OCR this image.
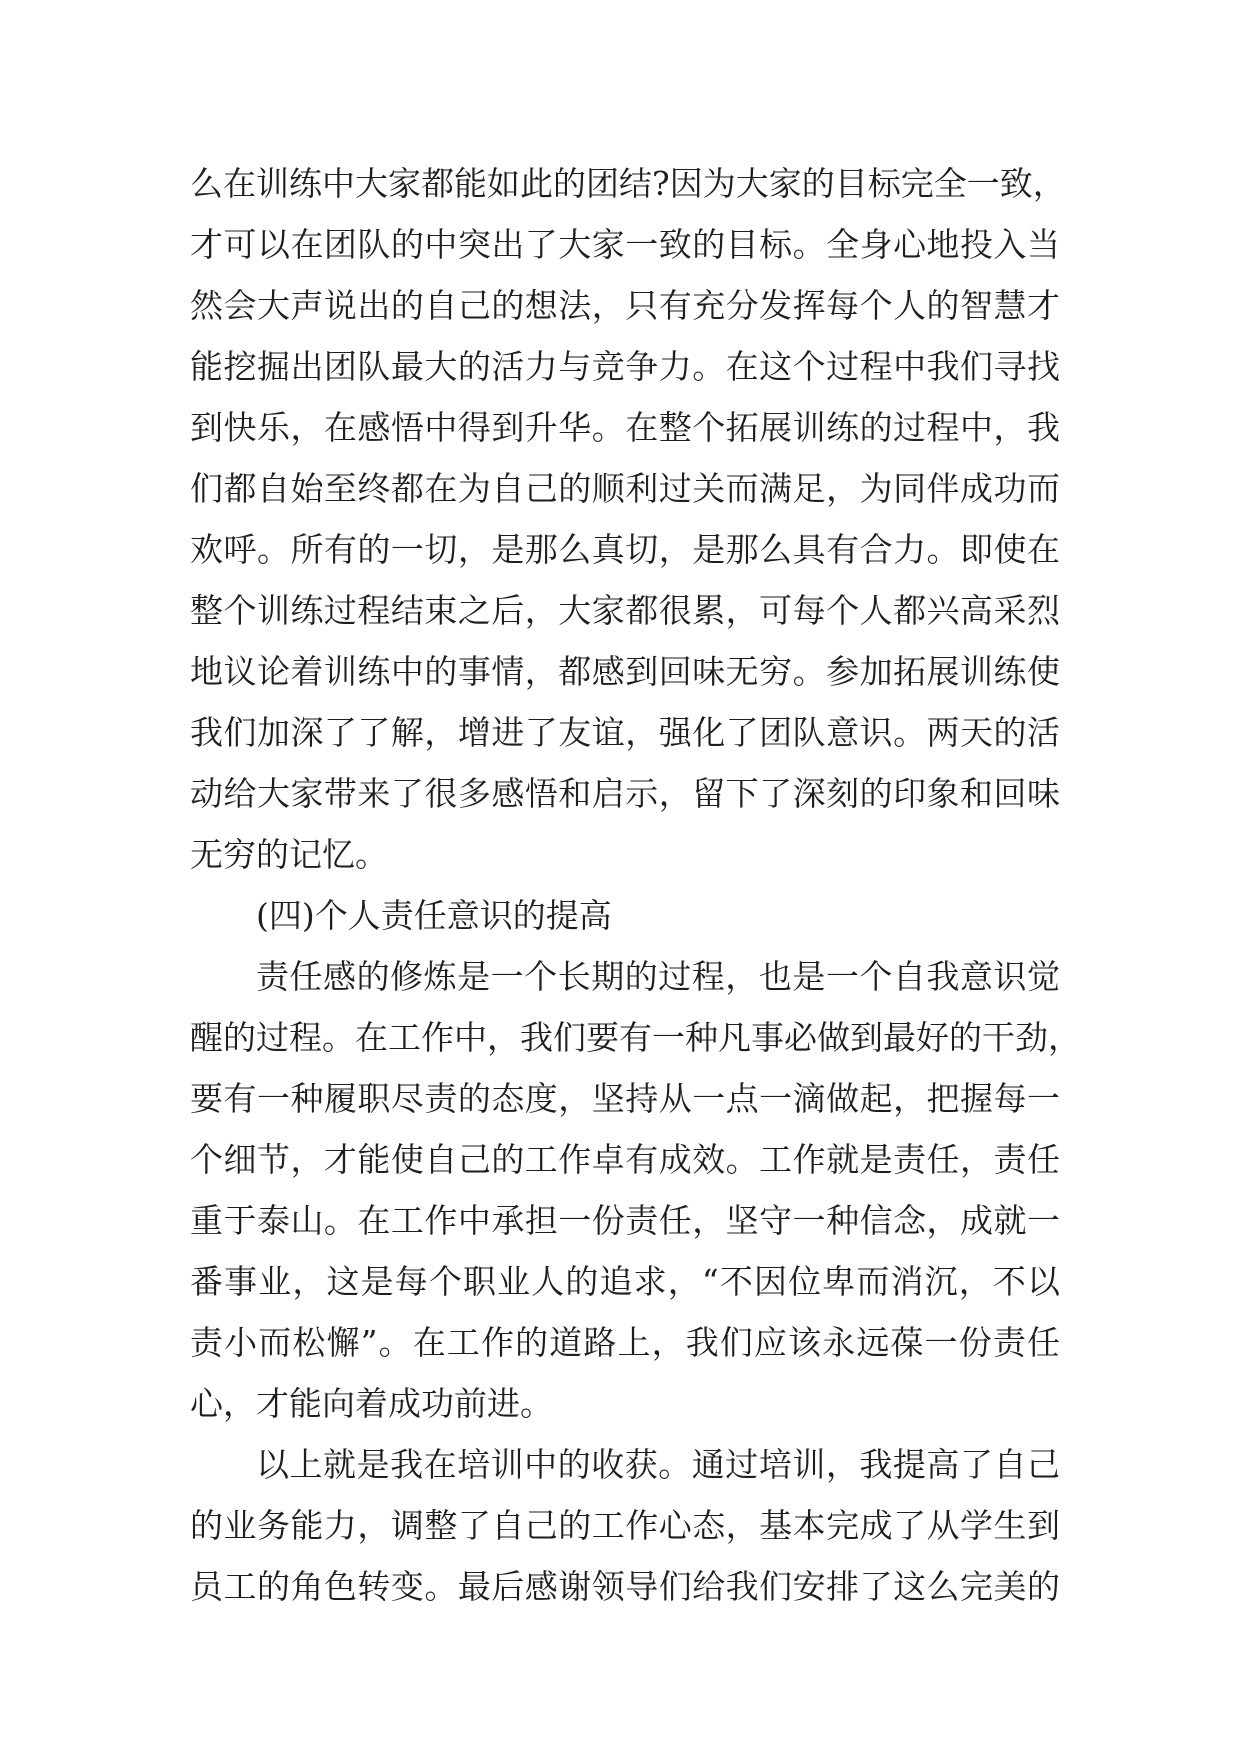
么在训练中大家都能如此的团结?因为大家的目标完全一致，
才可以在团队的中突出了大家一致的目标。全身心地投入当
然会大声说出的自己的想法，只有充分发挥每个人的智慧才
能挖掘出团队最大的活力与竞争力。在这个过程中我们寻找
到快乐，在感悟中得到升华。在整个拓展训练的过程中，我
们都自始至终都在为自己的顺利过关而满足，为同伴成功而
欢呼。所有的一切，是那么真切，是那么具有合力。即使在
整个训练过程结束之后，大家都很累，可每个人都兴高采烈
地议论着训练中的事情，都感到回味无穷。参加拓展训练使
我们加深了了解，增进了友谊，强化了团队意识。两天的活
动给大家带来了很多感悟和启示，留下了深刻的印象和回味
无穷的记忆。
(四)个人责任意识的提高
责任感的修炼是一个长期的过程，也是一个自我意识觉
醒的过程。在工作中，我们要有一种凡事必做到最好的干劲，
要有一种履职尽责的态度，坚持从一点一滴做起，把握每一
个细节，才能使自己的工作卓有成效。工作就是责任，责任
重于泰山。在工作中承担一份责任，坚守一种信念，成就一
番事业，这是每个职业人的追求，“不因位卑而消沉，不以
责小而松懈”。在工作的道路上，我们应该永远葆一份责任
心，才能向着成功前进。
以上就是我在培训中的收获。通过培训，我提高了自己
的业务能力，调整了自己的工作心态，基本完成了从学生到
员工的角色转变。最后感谢领导们给我们安排了这么完美的
